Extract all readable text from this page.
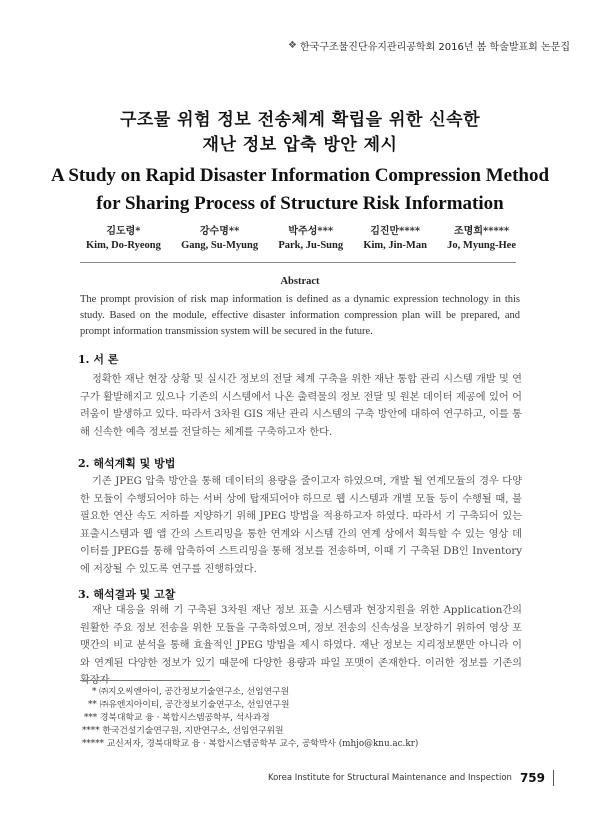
❖ 한국구조물진단유지관리공학회 2016년 봄 학술발표회 논문집
구조물 위험 정보 전송체계 확립을 위한 신속한
재난 정보 압축 방안 제시
A Study on Rapid Disaster Information Compression Method
for Sharing Process of Structure Risk Information
김도령*
Kim, Do-Ryeong
강수명**
Gang, Su-Myung
박주성***
Park, Ju-Sung
김진만****
Kim, Jin-Man
조명희*****
Jo, Myung-Hee
Abstract
The prompt provision of risk map information is defined as a dynamic expression technology in this study. Based on the module, effective disaster information compression plan will be prepared, and prompt information transmission system will be secured in the future.
1. 서 론
정확한 재난 현장 상황 및 실시간 정보의 전달 체계 구축을 위한 재난 통합 관리 시스템 개발 및 연구가 활발해지고 있으나 기존의 시스템에서 나온 출력물의 정보 전달 및 원본 데이터 제공에 있어 어려움이 발생하고 있다. 따라서 3차원 GIS 재난 관리 시스템의 구축 방안에 대하여 연구하고, 이를 통해 신속한 예측 정보를 전달하는 체계를 구축하고자 한다.
2. 해석계획 및 방법
기존 JPEG 압축 방안을 통해 데이터의 용량을 줄이고자 하였으며, 개발 될 연계모듈의 경우 다양한 모듈이 수행되어야 하는 서버 상에 탑재되어야 하므로 웹 시스템과 개별 모듈 등이 수행될 때, 불필요한 연산 속도 저하를 지양하기 위해 JPEG 방법을 적용하고자 하였다. 따라서 기 구축되어 있는 표출시스템과 웹 앱 간의 스트리밍을 통한 연계와 시스템 간의 연계 상에서 획득할 수 있는 영상 데이터를 JPEG를 통해 압축하여 스트리밍을 통해 정보를 전송하며, 이때 기 구축된 DB인 Inventory에 저장될 수 있도록 연구를 진행하였다.
3. 해석결과 및 고찰
재난 대응을 위해 기 구축된 3차원 재난 정보 표출 시스템과 현장지원을 위한 Application간의 원활한 주요 정보 전송을 위한 모듈을 구축하였으며, 정보 전송의 신속성을 보장하기 위하여 영상 포맷간의 비교 분석을 통해 효율적인 JPEG 방법을 제시 하였다. 재난 정보는 지리정보뿐만 아니라 이와 연계된 다양한 정보가 있기 때문에 다양한 용량과 파일 포맷이 존재한다. 이러한 정보를 기존의 확장자
* ㈜지오씨엔아이, 공간정보기술연구소, 선임연구원
** ㈜유엔지아이티, 공간정보기술연구소, 선임연구원
*** 경북대학교 융 · 복합시스템공학부, 석사과정
**** 한국건설기술연구원, 지반연구소, 선임연구위원
***** 교신저자, 경북대학교 융 · 복합시스템공학부 교수, 공학박사 (mhjo@knu.ac.kr)
Korea Institute for Structural Maintenance and Inspection 759
